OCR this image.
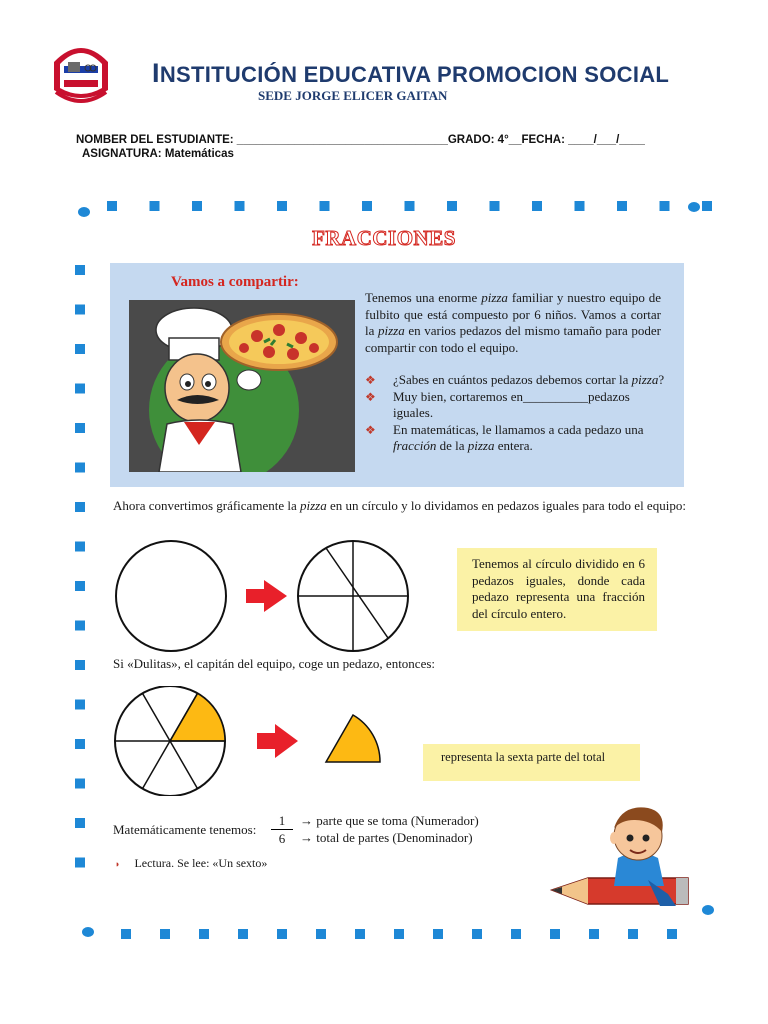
INSTITUCIÓN EDUCATIVA PROMOCION SOCIAL
SEDE JORGE ELICER GAITAN
NOMBER DEL ESTUDIANTE: _________________________________GRADO: 4°__FECHA: ____/___/____
ASIGNATURA: Matemáticas
FRACCIONES
Vamos a compartir:
Tenemos una enorme pizza familiar y nuestro equipo de fulbito que está compuesto por 6 niños. Vamos a cortar la pizza en varios pedazos del mismo tamaño para poder compartir con todo el equipo.
❖ ¿Sabes en cuántos pedazos debemos cortar la pizza?
❖ Muy bien, cortaremos en__________pedazos iguales.
❖ En matemáticas, le llamamos a cada pedazo una fracción de la pizza entera.
Ahora convertimos gráficamente la pizza en un círculo y lo dividamos en pedazos iguales para todo el equipo:
Tenemos al círculo dividido en 6 pedazos iguales, donde cada pedazo representa una fracción del círculo entero.
Si «Dulitas», el capitán del equipo, coge un pedazo, entonces:
representa la sexta parte del total
Matemáticamente tenemos: $\frac{1}{6}$ → parte que se toma (Numerador)
→ total de partes (Denominador)
◗ Lectura. Se lee: «Un sexto»
